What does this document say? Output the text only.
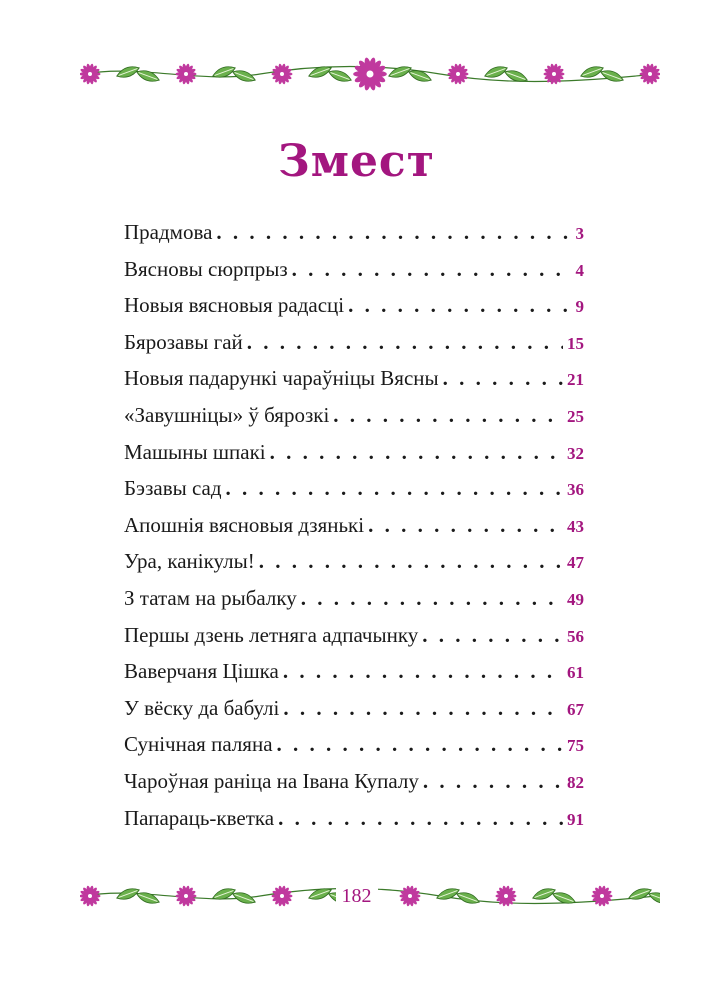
Змест
Прадмова . . .	3
Вясновы сюрпрыз . . .	4
Новыя вясновыя радасці . . .	9
Бярозавы гай . . .	15
Новыя падарункі чараўніцы Вясны . . .	21
«Завушніцы» ў бярозкі . . .	25
Машыны шпакі . . .	32
Бэзавы сад . . .	36
Апошнія вясновыя дзянькі . . .	43
Ура, канікулы! . . .	47
З татам на рыбалку . . .	49
Першы дзень летняга адпачынку . . .	56
Ваверчаня Цішка . . .	61
У вёску да бабулі . . .	67
Сунічная паляна . . .	75
Чароўная раніца на Івана Купалу . . .	82
Папараць-кветка . . .	91
182
